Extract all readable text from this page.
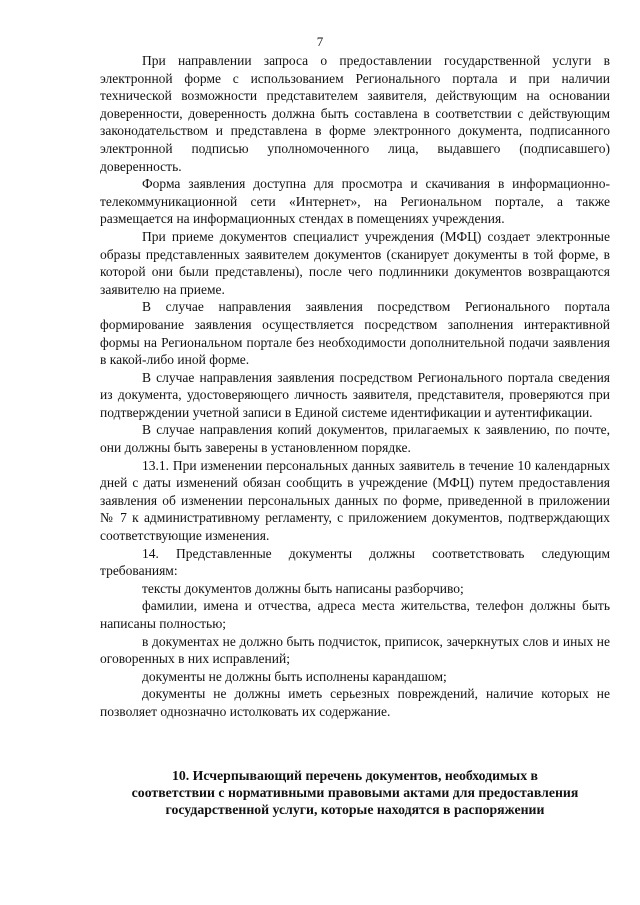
7

При направлении запроса о предоставлении государственной услуги в электронной форме с использованием Регионального портала и при наличии технической возможности представителем заявителя, действующим на основании доверенности, доверенность должна быть составлена в соответствии с действующим законодательством и представлена в форме электронного документа, подписанного электронной подписью уполномоченного лица, выдавшего (подписавшего) доверенность.

Форма заявления доступна для просмотра и скачивания в информационно-телекоммуникационной сети «Интернет», на Региональном портале, а также размещается на информационных стендах в помещениях учреждения.

При приеме документов специалист учреждения (МФЦ) создает электронные образы представленных заявителем документов (сканирует документы в той форме, в которой они были представлены), после чего подлинники документов возвращаются заявителю на приеме.

В случае направления заявления посредством Регионального портала формирование заявления осуществляется посредством заполнения интерактивной формы на Региональном портале без необходимости дополнительной подачи заявления в какой-либо иной форме.

В случае направления заявления посредством Регионального портала сведения из документа, удостоверяющего личность заявителя, представителя, проверяются при подтверждении учетной записи в Единой системе идентификации и аутентификации.

В случае направления копий документов, прилагаемых к заявлению, по почте, они должны быть заверены в установленном порядке.

13.1. При изменении персональных данных заявитель в течение 10 календарных дней с даты изменений обязан сообщить в учреждение (МФЦ) путем предоставления заявления об изменении персональных данных по форме, приведенной в приложении № 7 к административному регламенту, с приложением документов, подтверждающих соответствующие изменения.

14. Представленные документы должны соответствовать следующим требованиям:

тексты документов должны быть написаны разборчиво;

фамилии, имена и отчества, адреса места жительства, телефон должны быть написаны полностью;

в документах не должно быть подчисток, приписок, зачеркнутых слов и иных не оговоренных в них исправлений;

документы не должны быть исполнены карандашом;

документы не должны иметь серьезных повреждений, наличие которых не позволяет однозначно истолковать их содержание.

10. Исчерпывающий перечень документов, необходимых в
соответствии с нормативными правовыми актами для предоставления
государственной услуги, которые находятся в распоряжении
